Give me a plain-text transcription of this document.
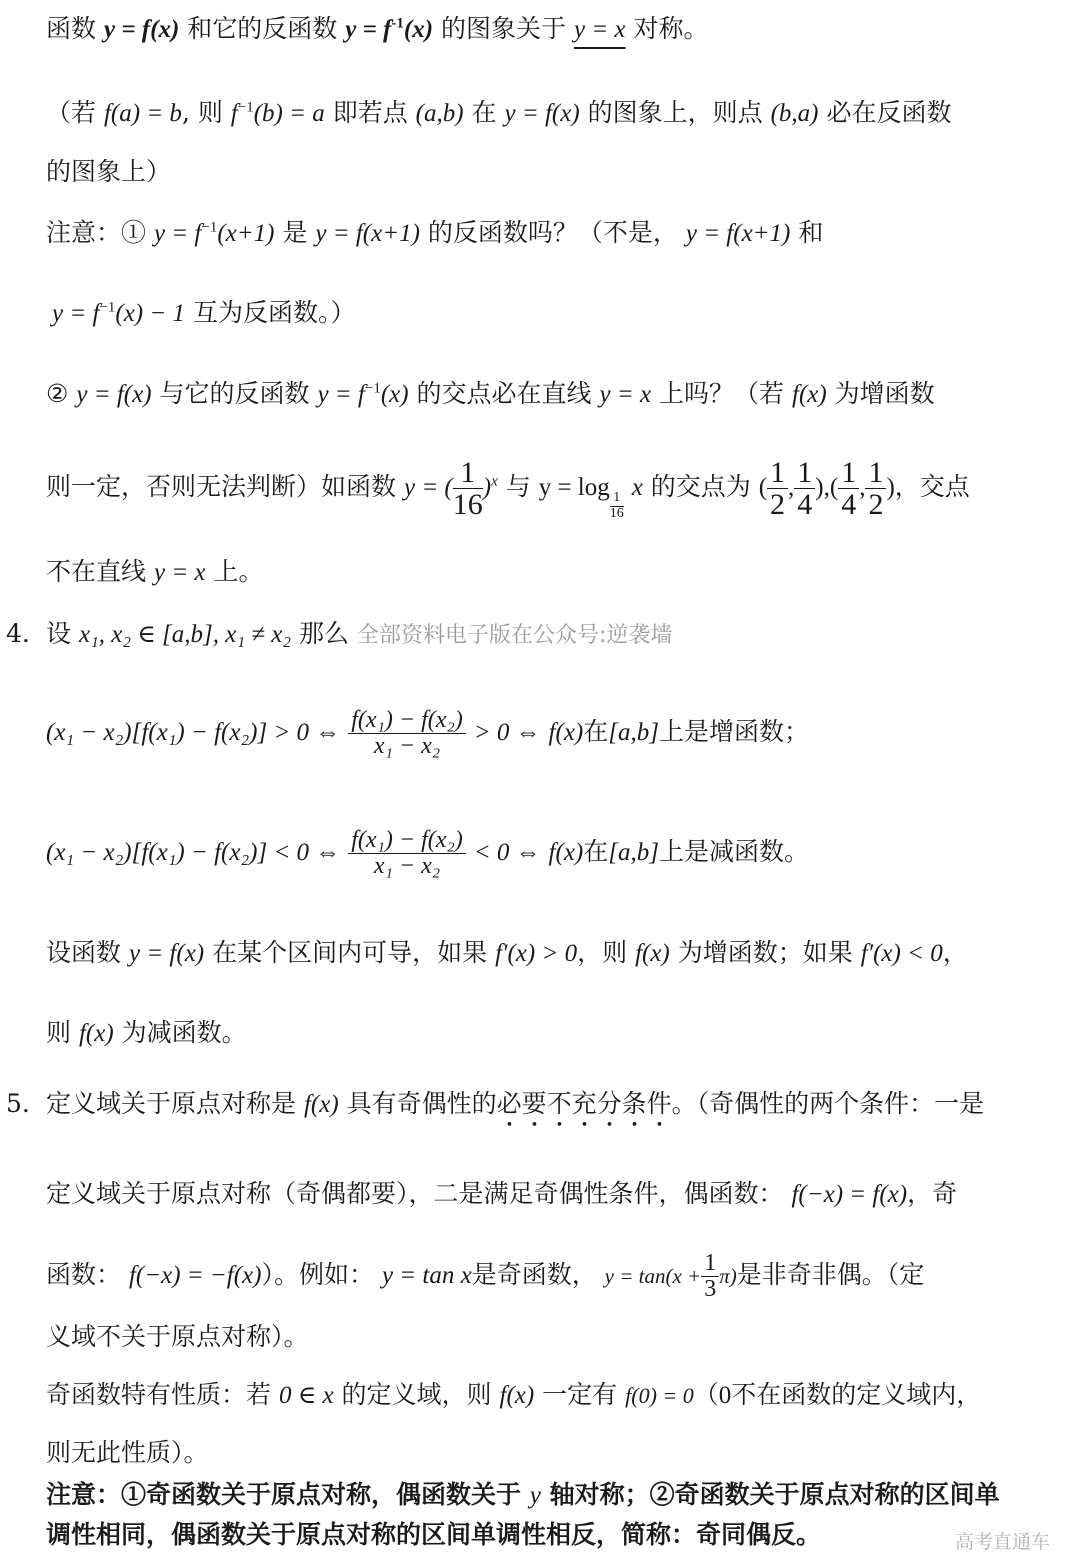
函数 y = f(x) 和它的反函数 $y = f^{-1}(x)$ 的图象关于 y = x 对称。
（若 f(a) = b, 则 $f^{-1}(b) = a$ 即若点 (a,b) 在 y = f(x) 的图象上，则点 (b,a) 必在反函数
的图象上）
注意：① $y = f^{-1}(x+1)$ 是 y = f(x+1) 的反函数吗？（不是， y = f(x+1) 和
$y = f^{-1}(x) - 1$ 互为反函数。）
② y = f(x) 与它的反函数 $y = f^{-1}(x)$ 的交点必在直线 y = x 上吗？（若 f(x) 为增函数
则一定，否则无法判断）如函数 y = ( $\frac{1}{16} )^x$ 与 y = log
$\frac{1}{16}$
x 的交点为 ( $\frac{1}{2}$ , $\frac{1}{4}$ ),( $\frac{1}{4}$ , $\frac{1}{2}$ )，交点
不在直线 y = x 上。
4. 设 x₁, x₂ ∈ [a,b], x₁ ≠ x₂ 那么 全部资料电子版在公众号:逆袭墙
(x₁ − x₂)[f(x₁) − f(x₂)] > 0 ⇔ $\frac{\text{f(x₁) − f(x₂)}}{\text{x₁ − x₂}} > 0$ ⇔ f(x)在[a,b]上是增函数；
(x₁ − x₂)[f(x₁) − f(x₂)] < 0 ⇔ $\frac{\text{f(x₁) − f(x₂)}}{\text{x₁ − x₂}} < 0$ ⇔ f(x)在[a,b]上是减函数。
设函数 y = f(x) 在某个区间内可导，如果 f′(x) > 0，则 f(x) 为增函数；如果 f′(x) < 0，
则 f(x) 为减函数。
5. 定义域关于原点对称是 f(x) 具有奇偶性的必要不充分条件。（奇偶性的两个条件：一是
定义域关于原点对称（奇偶都要），二是满足奇偶性条件，偶函数： f(−x) = f(x)，奇
函数： f(−x) = −f(x)）。例如： y = tan x是奇函数， $y = \tan(x + \frac{1}{3} \pi)$是非奇非偶。（定
义域不关于原点对称）。
奇函数特有性质：若 0 ∈ x 的定义域，则 f(x) 一定有 f(0) = 0（0不在函数的定义域内，
则无此性质）。
注意：①奇函数关于原点对称，偶函数关于 y 轴对称；②奇函数关于原点对称的区间单
调性相同，偶函数关于原点对称的区间单调性相反，简称：奇同偶反。	高考直通车
